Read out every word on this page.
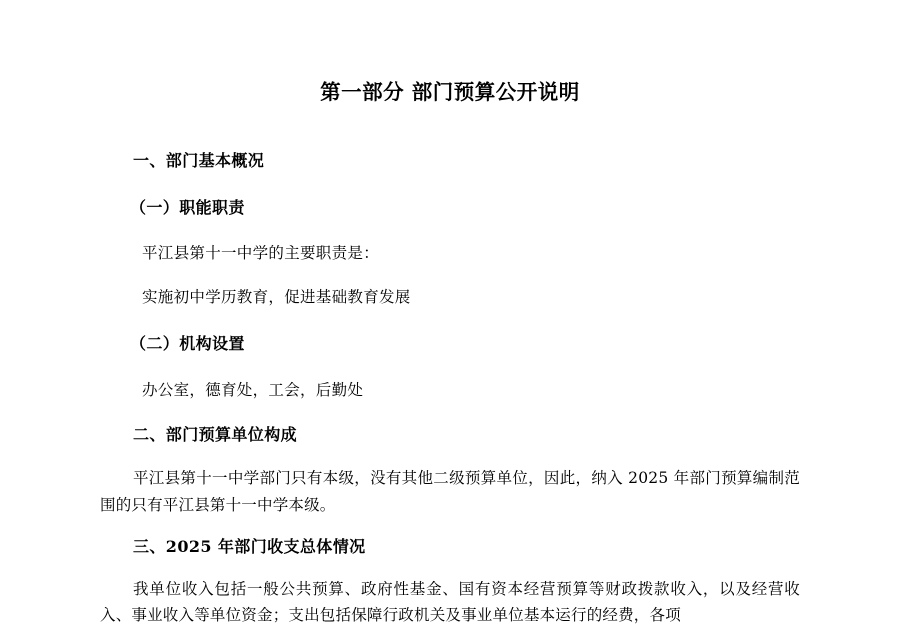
第一部分 部门预算公开说明
一、部门基本概况
（一）职能职责
平江县第十一中学的主要职责是：
实施初中学历教育，促进基础教育发展
（二）机构设置
办公室，德育处，工会，后勤处
二、部门预算单位构成
平江县第十一中学部门只有本级，没有其他二级预算单位，因此，纳入 2025 年部门预算编制范围的只有平江县第十一中学本级。
三、2025 年部门收支总体情况
我单位收入包括一般公共预算、政府性基金、国有资本经营预算等财政拨款收入，以及经营收入、事业收入等单位资金；支出包括保障行政机关及事业单位基本运行的经费，各项
